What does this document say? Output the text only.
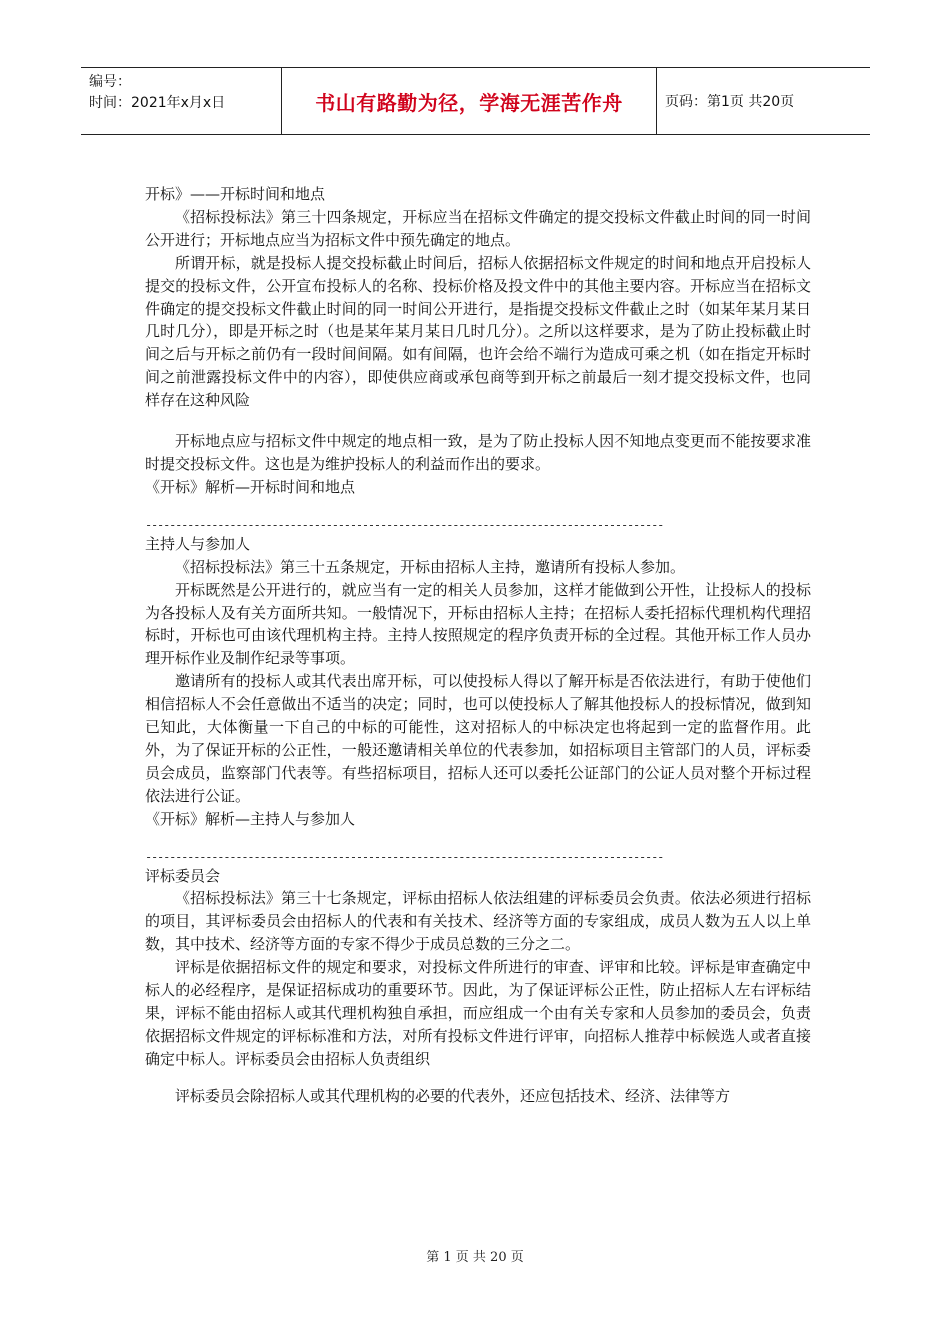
编号：
时间：2021年x月x日	书山有路勤为径，学海无涯苦作舟	页码：第1页 共20页

开标》——开标时间和地点

《招标投标法》第三十四条规定，开标应当在招标文件确定的提交投标文件截止时间的同一时间公开进行；开标地点应当为招标文件中预先确定的地点。

所谓开标，就是投标人提交投标截止时间后，招标人依据招标文件规定的时间和地点开启投标人提交的投标文件，公开宣布投标人的名称、投标价格及投文件中的其他主要内容。开标应当在招标文件确定的提交投标文件截止时间的同一时间公开进行，是指提交投标文件截止之时（如某年某月某日几时几分），即是开标之时（也是某年某月某日几时几分）。之所以这样要求，是为了防止投标截止时间之后与开标之前仍有一段时间间隔。如有间隔，也许会给不端行为造成可乘之机（如在指定开标时间之前泄露投标文件中的内容），即使供应商或承包商等到开标之前最后一刻才提交投标文件，也同样存在这种风险

开标地点应与招标文件中规定的地点相一致，是为了防止投标人因不知地点变更而不能按要求准时提交投标文件。这也是为维护投标人的利益而作出的要求。

《开标》解析—开标时间和地点

--------------------------------------------------------------------------------------

主持人与参加人

《招标投标法》第三十五条规定，开标由招标人主持，邀请所有投标人参加。

开标既然是公开进行的，就应当有一定的相关人员参加，这样才能做到公开性，让投标人的投标为各投标人及有关方面所共知。一般情况下，开标由招标人主持；在招标人委托招标代理机构代理招标时，开标也可由该代理机构主持。主持人按照规定的程序负责开标的全过程。其他开标工作人员办理开标作业及制作纪录等事项。

邀请所有的投标人或其代表出席开标，可以使投标人得以了解开标是否依法进行，有助于使他们相信招标人不会任意做出不适当的决定；同时，也可以使投标人了解其他投标人的投标情况，做到知已知此，大体衡量一下自己的中标的可能性，这对招标人的中标决定也将起到一定的监督作用。此外，为了保证开标的公正性，一般还邀请相关单位的代表参加，如招标项目主管部门的人员，评标委员会成员，监察部门代表等。有些招标项目，招标人还可以委托公证部门的公证人员对整个开标过程依法进行公证。

《开标》解析—主持人与参加人

--------------------------------------------------------------------------------------

评标委员会

《招标投标法》第三十七条规定，评标由招标人依法组建的评标委员会负责。依法必须进行招标的项目，其评标委员会由招标人的代表和有关技术、经济等方面的专家组成，成员人数为五人以上单数，其中技术、经济等方面的专家不得少于成员总数的三分之二。

评标是依据招标文件的规定和要求，对投标文件所进行的审查、评审和比较。评标是审查确定中标人的必经程序，是保证招标成功的重要环节。因此，为了保证评标公正性，防止招标人左右评标结果，评标不能由招标人或其代理机构独自承担，而应组成一个由有关专家和人员参加的委员会，负责依据招标文件规定的评标标准和方法，对所有投标文件进行评审，向招标人推荐中标候选人或者直接确定中标人。评标委员会由招标人负责组织

评标委员会除招标人或其代理机构的必要的代表外，还应包括技术、经济、法律等方

第 1 页 共 20 页
